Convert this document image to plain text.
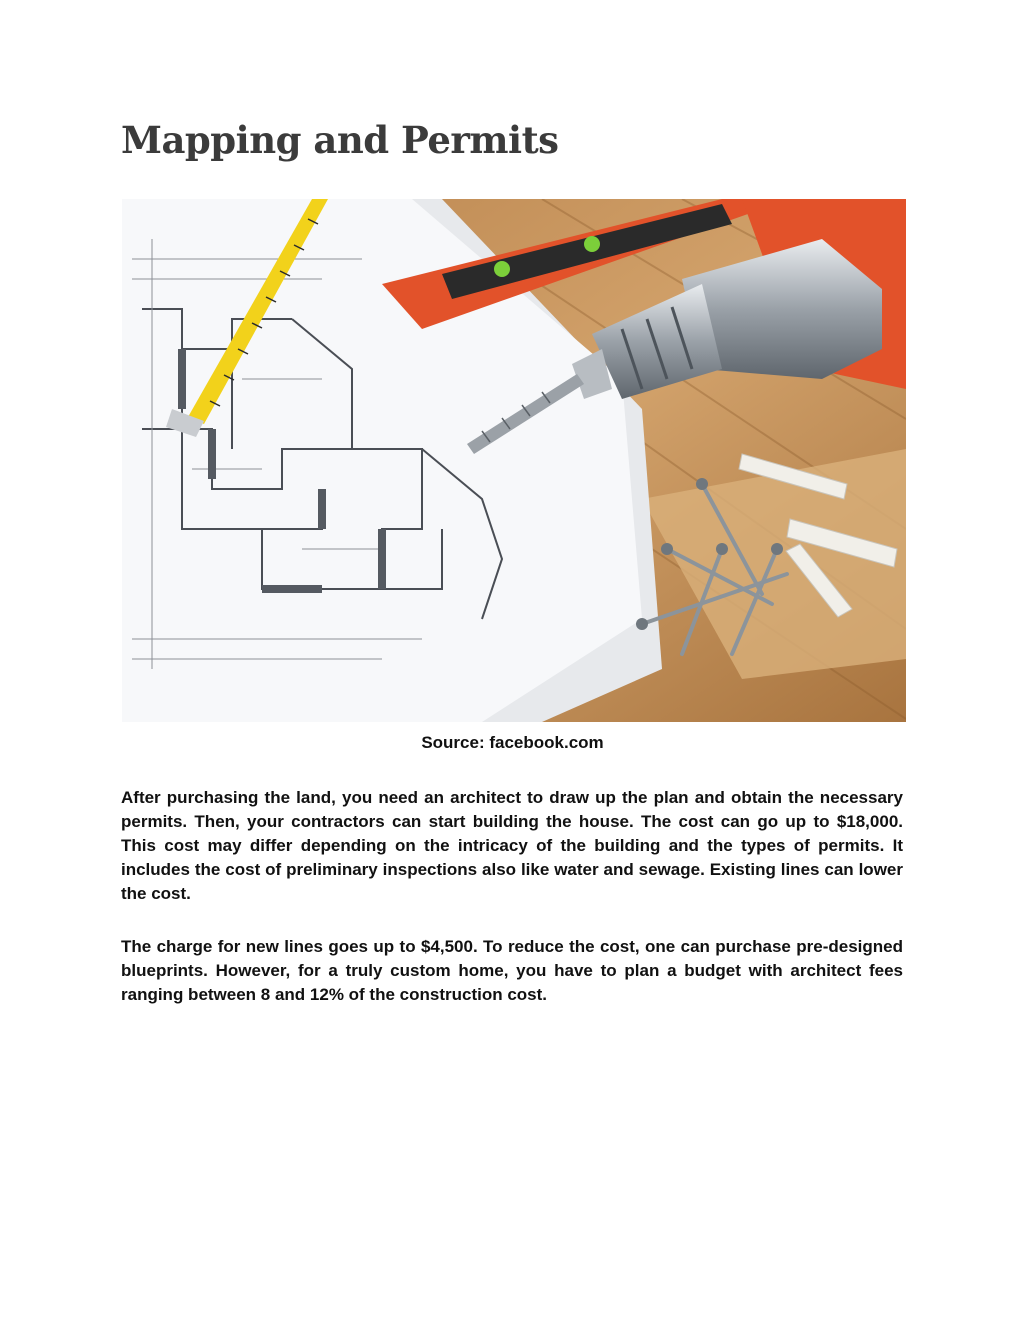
Mapping and Permits

Source: facebook.com

After purchasing the land, you need an architect to draw up the plan and obtain the necessary permits. Then, your contractors can start building the house. The cost can go up to $18,000. This cost may differ depending on the intricacy of the building and the types of permits. It includes the cost of preliminary inspections also like water and sewage. Existing lines can lower the cost.

The charge for new lines goes up to $4,500. To reduce the cost, one can purchase pre-designed blueprints. However, for a truly custom home, you have to plan a budget with architect fees ranging between 8 and 12% of the construction cost.
